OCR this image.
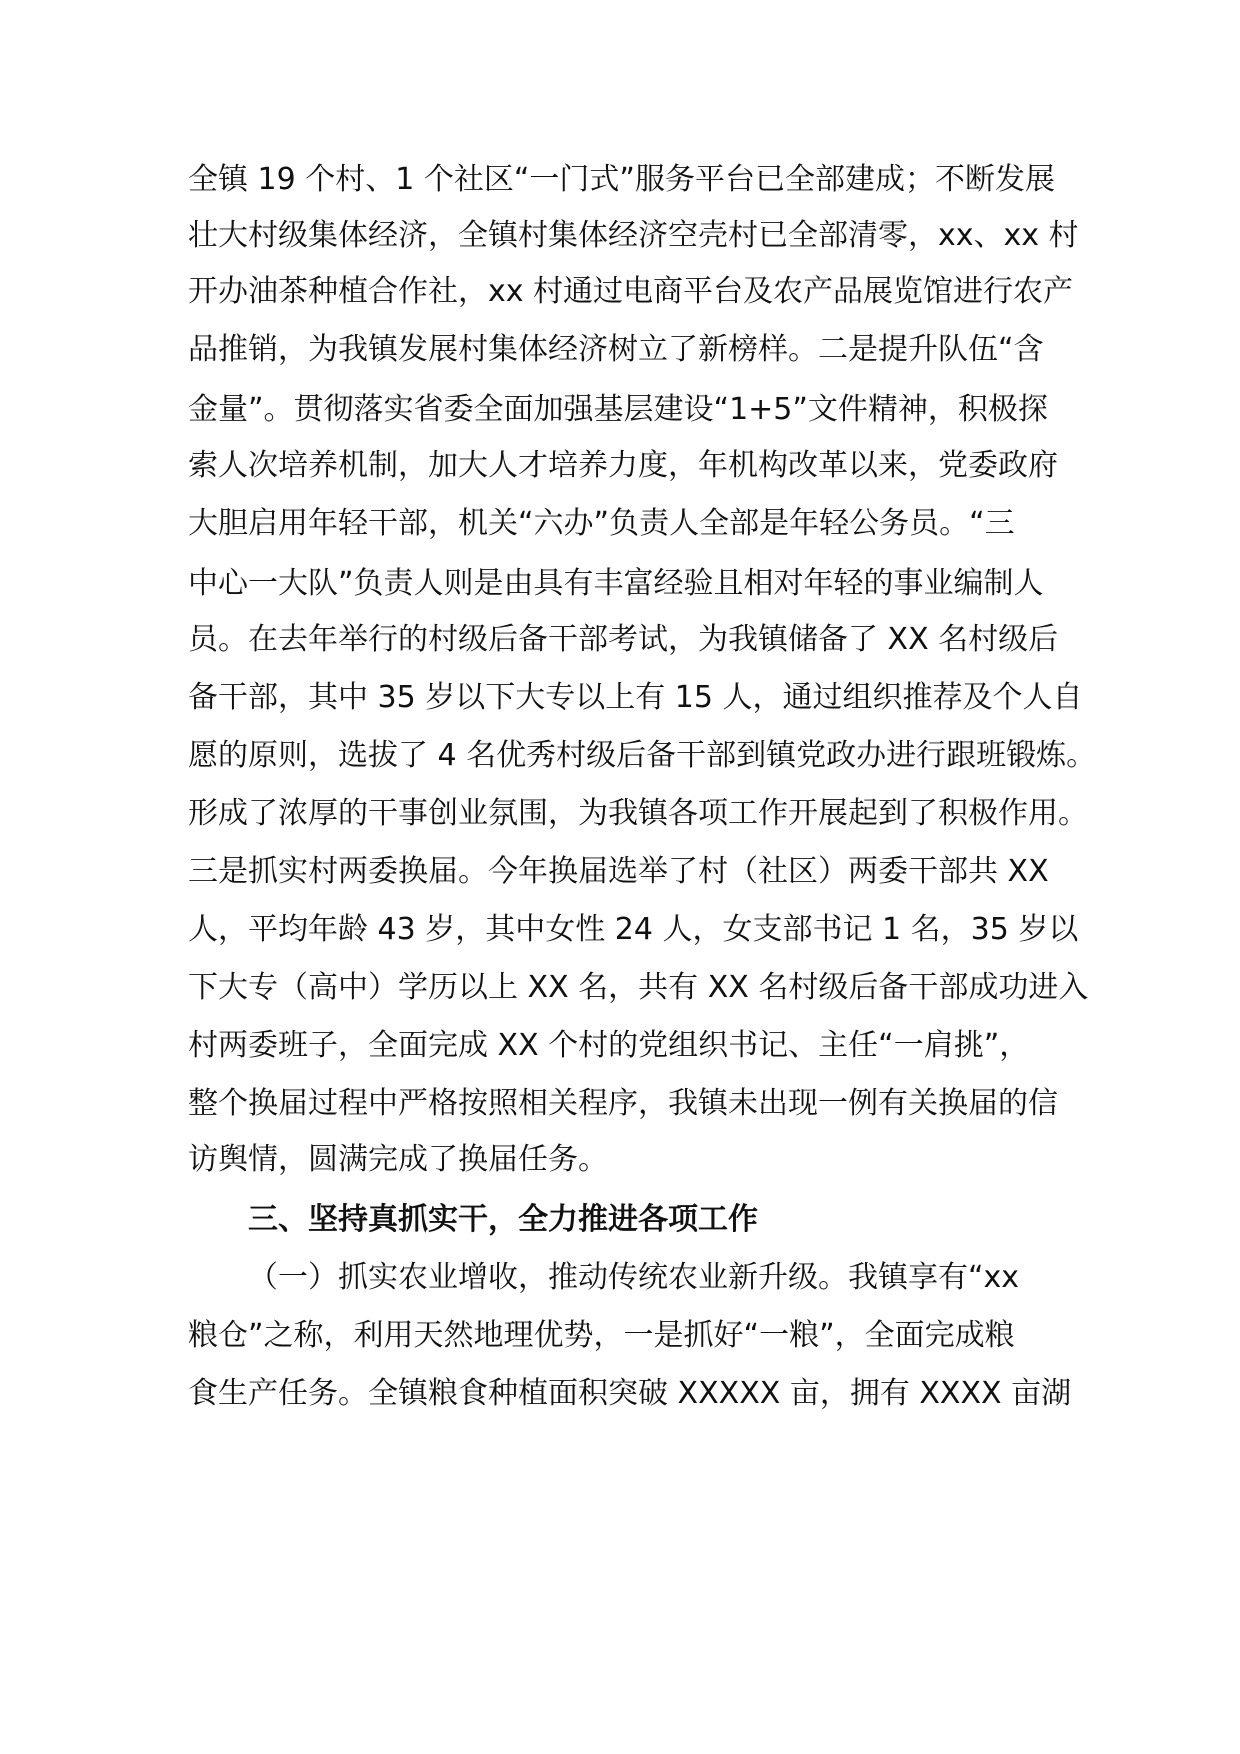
全镇 19 个村、1 个社区“一门式”服务平台已全部建成；不断发展
壮大村级集体经济，全镇村集体经济空壳村已全部清零，xx、xx 村
开办油茶种植合作社，xx 村通过电商平台及农产品展览馆进行农产
品推销，为我镇发展村集体经济树立了新榜样。二是提升队伍“含
金量”。贯彻落实省委全面加强基层建设“1+5”文件精神，积极探
索人次培养机制，加大人才培养力度，年机构改革以来，党委政府
大胆启用年轻干部，机关“六办”负责人全部是年轻公务员。“三
中心一大队”负责人则是由具有丰富经验且相对年轻的事业编制人
员。在去年举行的村级后备干部考试，为我镇储备了 XX 名村级后
备干部，其中 35 岁以下大专以上有 15 人，通过组织推荐及个人自
愿的原则，选拔了 4 名优秀村级后备干部到镇党政办进行跟班锻炼。
形成了浓厚的干事创业氛围，为我镇各项工作开展起到了积极作用。
三是抓实村两委换届。今年换届选举了村（社区）两委干部共 XX
人，平均年龄 43 岁，其中女性 24 人，女支部书记 1 名，35 岁以
下大专（高中）学历以上 XX 名，共有 XX 名村级后备干部成功进入
村两委班子，全面完成 XX 个村的党组织书记、主任“一肩挑”，
整个换届过程中严格按照相关程序，我镇未出现一例有关换届的信
访舆情，圆满完成了换届任务。
三、坚持真抓实干，全力推进各项工作
（一）抓实农业增收，推动传统农业新升级。我镇享有“xx
粮仓”之称，利用天然地理优势，一是抓好“一粮”，全面完成粮
食生产任务。全镇粮食种植面积突破 XXXXX 亩，拥有 XXXX 亩湖
